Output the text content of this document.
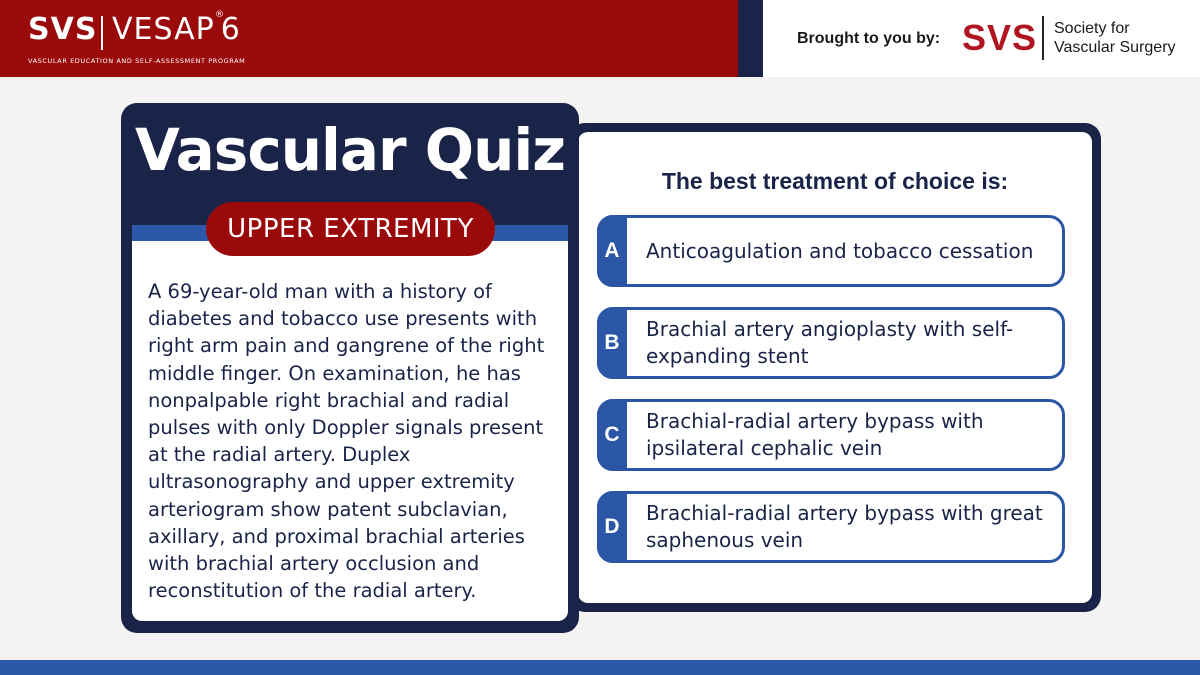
SVS VESAP 6
®
VASCULAR EDUCATION AND SELF-ASSESSMENT PROGRAM
Brought to you by: SVS Society for
Vascular Surgery
The best treatment of choice is:
A	Anticoagulation and tobacco cessation
B
Brachial artery angioplasty with self-expanding stent
C
Brachial-radial artery bypass with ipsilateral cephalic vein
D
Brachial-radial artery bypass with great saphenous vein
Vascular Quiz
UPPER EXTREMITY
A 69-year-old man with a history of diabetes and tobacco use presents with right arm pain and gangrene of the right middle finger. On examination, he has nonpalpable right brachial and radial pulses with only Doppler signals present at the radial artery. Duplex ultrasonography and upper extremity arteriogram show patent subclavian, axillary, and proximal brachial arteries with brachial artery occlusion and reconstitution of the radial artery.
